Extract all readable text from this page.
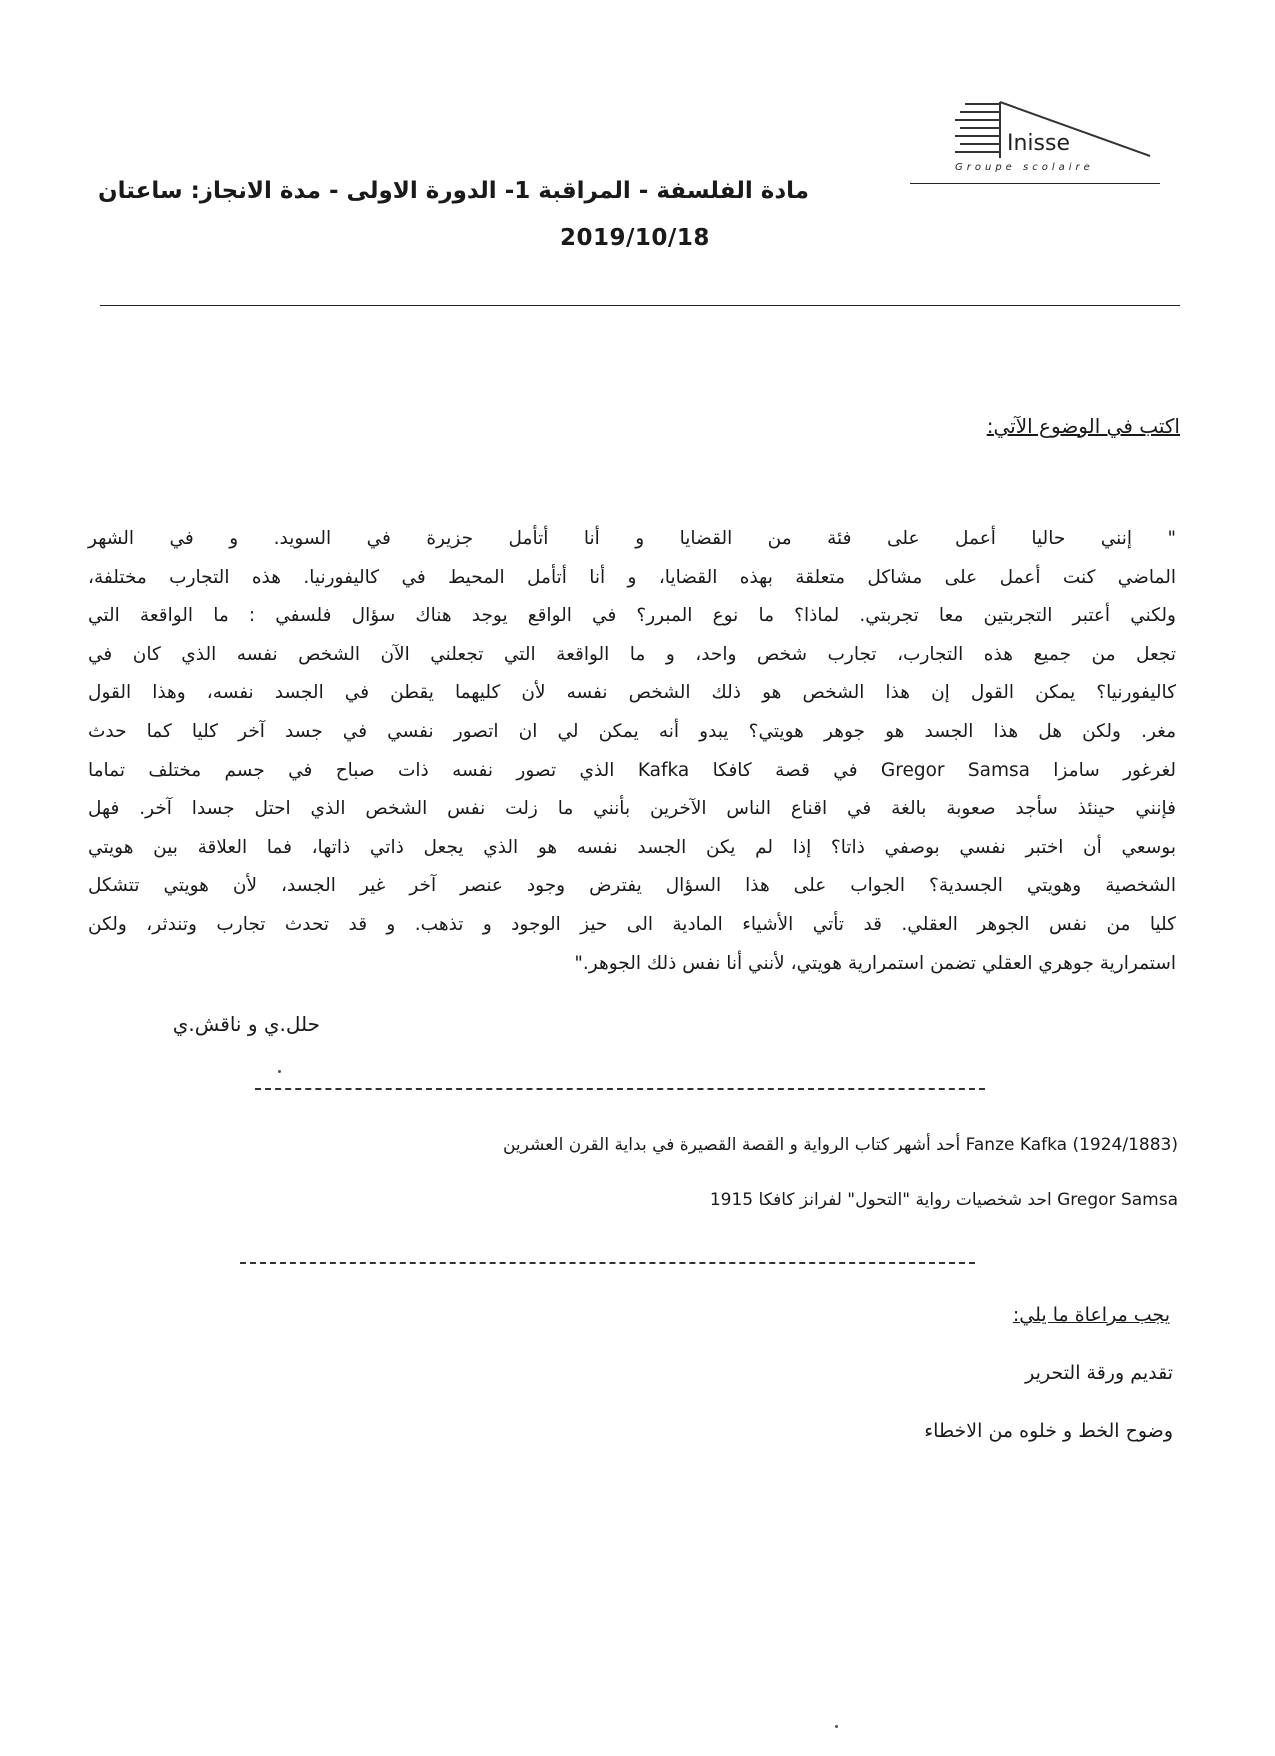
Inisse
Groupe scolaire
مادة الفلسفة - المراقبة 1- الدورة الاولى - مدة الانجاز: ساعتان
2019/10/18
اكتب في الوضوع الآتي:
" إنني حاليا أعمل على فئة من القضايا و أنا أتأمل جزيرة في السويد. و في الشهر
الماضي كنت أعمل على مشاكل متعلقة بهذه القضايا، و أنا أتأمل المحيط في كاليفورنيا. هذه التجارب مختلفة،
ولكني أعتبر التجربتين معا تجربتي. لماذا؟ ما نوع المبرر؟ في الواقع يوجد هناك سؤال فلسفي : ما الواقعة التي
تجعل من جميع هذه التجارب، تجارب شخص واحد، و ما الواقعة التي تجعلني الآن الشخص نفسه الذي كان في
كاليفورنيا؟ يمكن القول إن هذا الشخص هو ذلك الشخص نفسه لأن كليهما يقطن في الجسد نفسه، وهذا القول
مغر. ولكن هل هذا الجسد هو جوهر هويتي؟ يبدو أنه يمكن لي ان اتصور نفسي في جسد آخر كليا كما حدث
لغرغور سامزا Gregor Samsa في قصة كافكا Kafka الذي تصور نفسه ذات صباح في جسم مختلف تماما
فإنني حينئذ سأجد صعوبة بالغة في اقناع الناس الآخرين بأنني ما زلت نفس الشخص الذي احتل جسدا آخر. فهل
بوسعي أن اختبر نفسي بوصفي ذاتا؟ إذا لم يكن الجسد نفسه هو الذي يجعل ذاتي ذاتها، فما العلاقة بين هويتي
الشخصية وهويتي الجسدية؟ الجواب على هذا السؤال يفترض وجود عنصر آخر غير الجسد، لأن هويتي تتشكل
كليا من نفس الجوهر العقلي. قد تأتي الأشياء المادية الى حيز الوجود و تذهب. و قد تحدث تجارب وتندثر، ولكن
استمرارية جوهري العقلي تضمن استمرارية هويتي، لأنني أنا نفس ذلك الجوهر."
حلل.ي و ناقش.ي
Fanze Kafka (1924/1883) أحد أشهر كتاب الرواية و القصة القصيرة في بداية القرن العشرين
Gregor Samsa احد شخصيات رواية "التحول" لفرانز كافكا 1915
يجب مراعاة ما يلي:
تقديم ورقة التحرير
وضوح الخط و خلوه من الاخطاء
